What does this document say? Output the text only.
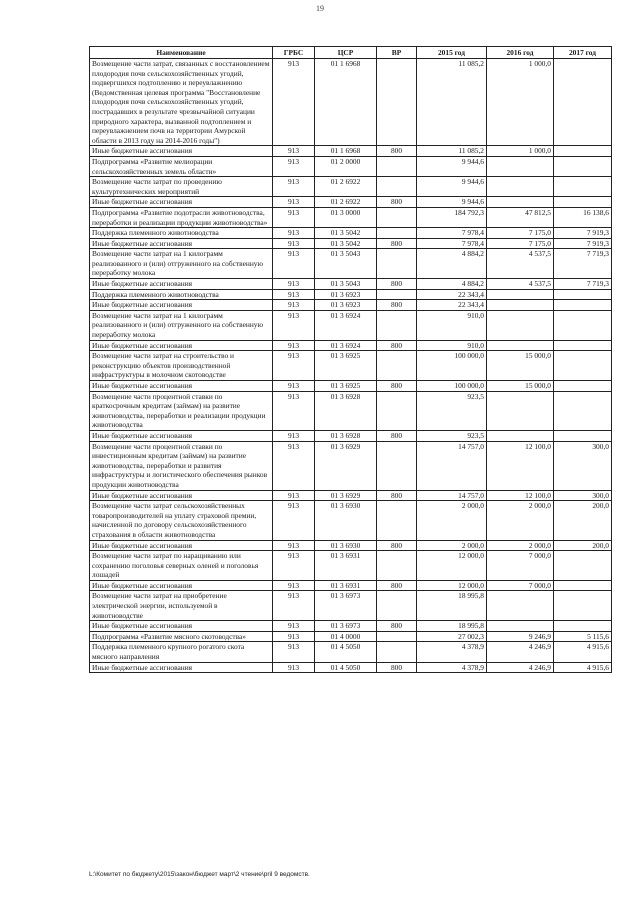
19
Наименование	ГРБС	ЦСР	ВР	2015 год	2016 год	2017 год
Возмещение части затрат, связанных с восстановлением плодородия почв сельскохозяйственных угодий, подвергшихся подтоплению и переувлажнению (Ведомственная целевая программа "Восстановление плодородия почв сельскохозяйственных угодий, пострадавших в результате чрезвычайной ситуации природного характера, вызванной подтоплением и переувлажнением почв на территории Амурской области в 2013 году на 2014-2016 годы")	913	01 1 6968		11 085,2	1 000,0	
Иные бюджетные ассигнования	913	01 1 6968	800	11 085,2	1 000,0	
Подпрограмма «Развитие мелиорации сельскохозяйственных земель области»	913	01 2 0000		9 944,6		
Возмещение части затрат по проведению культуртехнических мероприятий	913	01 2 6922		9 944,6		
Иные бюджетные ассигнования	913	01 2 6922	800	9 944,6		
Подпрограмма «Развитие подотрасли животноводства, переработки и реализации продукции животноводства»	913	01 3 0000		184 792,3	47 812,5	16 138,6
Поддержка племенного животноводства	913	01 3 5042		7 978,4	7 175,0	7 919,3
Иные бюджетные ассигнования	913	01 3 5042	800	7 978,4	7 175,0	7 919,3
Возмещение части затрат на 1 килограмм реализованного и (или) отгруженного на собственную переработку молока	913	01 3 5043		4 884,2	4 537,5	7 719,3
Иные бюджетные ассигнования	913	01 3 5043	800	4 884,2	4 537,5	7 719,3
Поддержка племенного животноводства	913	01 3 6923		22 343,4		
Иные бюджетные ассигнования	913	01 3 6923	800	22 343,4		
Возмещение части затрат на 1 килограмм реализованного и (или) отгруженного на собственную переработку молока	913	01 3 6924		910,0		
Иные бюджетные ассигнования	913	01 3 6924	800	910,0		
Возмещение части затрат на строительство и реконструкцию объектов производственной инфраструктуры в молочном скотоводстве	913	01 3 6925		100 000,0	15 000,0	
Иные бюджетные ассигнования	913	01 3 6925	800	100 000,0	15 000,0	
Возмещение части процентной ставки по краткосрочным кредитам (займам) на развитие животноводства, переработки и реализации продукции животноводства	913	01 3 6928		923,5		
Иные бюджетные ассигнования	913	01 3 6928	800	923,5		
Возмещение части процентной ставки по инвестиционным кредитам (займам) на развитие животноводства, переработки и развития инфраструктуры и логистического обеспечения рынков продукции животноводства	913	01 3 6929		14 757,0	12 100,0	300,0
Иные бюджетные ассигнования	913	01 3 6929	800	14 757,0	12 100,0	300,0
Возмещение части затрат сельскохозяйственных товаропроизводителей на уплату страховой премии, начисленной по договору сельскохозяйственного страхования в области животноводства	913	01 3 6930		2 000,0	2 000,0	200,0
Иные бюджетные ассигнования	913	01 3 6930	800	2 000,0	2 000,0	200,0
Возмещение части затрат по наращиванию или сохранению поголовья северных оленей и поголовья лошадей	913	01 3 6931		12 000,0	7 000,0	
Иные бюджетные ассигнования	913	01 3 6931	800	12 000,0	7 000,0	
Возмещение части затрат на приобретение электрической энергии, используемой в животноводстве	913	01 3 6973		18 995,8		
Иные бюджетные ассигнования	913	01 3 6973	800	18 995,8		
Подпрограмма «Развитие мясного скотоводства»	913	01 4 0000		27 002,3	9 246,9	5 115,6
Поддержка племенного крупного рогатого скота мясного направления	913	01 4 5050		4 378,9	4 246,9	4 915,6
Иные бюджетные ассигнования	913	01 4 5050	800	4 378,9	4 246,9	4 915,6
L:\Комитет по бюджету\2015\закон\бюджет март\2 чтение\pril 9 ведомств.
